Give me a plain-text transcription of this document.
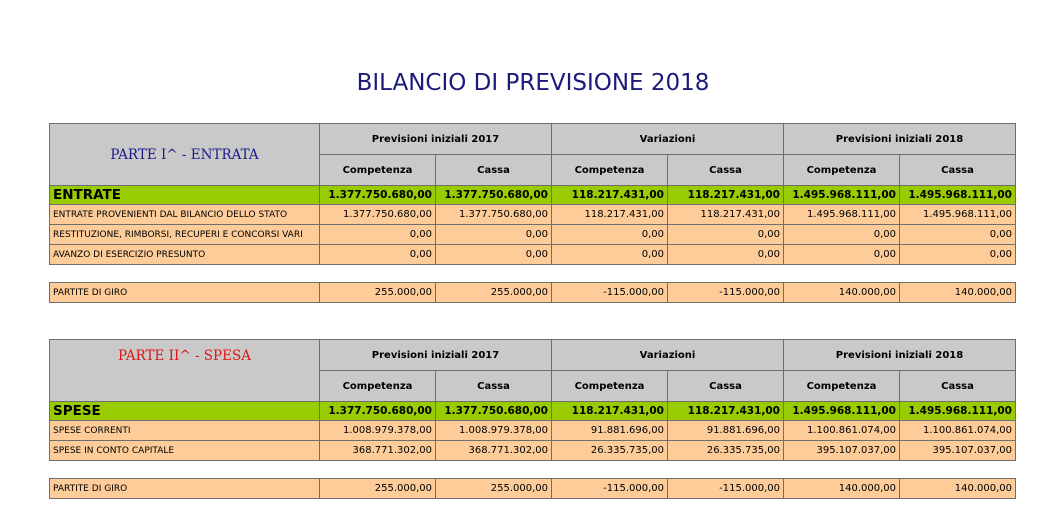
BILANCIO DI PREVISIONE 2018
PARTE I^ - ENTRATA	Previsioni iniziali 2017		Variazioni		Previsioni iniziali 2018	
	Competenza	Cassa	Competenza	Cassa	Competenza	Cassa
ENTRATE	1.377.750.680,00	1.377.750.680,00	118.217.431,00	118.217.431,00	1.495.968.111,00	1.495.968.111,00
ENTRATE PROVENIENTI DAL BILANCIO DELLO STATO	1.377.750.680,00	1.377.750.680,00	118.217.431,00	118.217.431,00	1.495.968.111,00	1.495.968.111,00
RESTITUZIONE, RIMBORSI, RECUPERI E CONCORSI VARI	0,00	0,00	0,00	0,00	0,00	0,00
AVANZO DI ESERCIZIO PRESUNTO	0,00	0,00	0,00	0,00	0,00	0,00

PARTITE DI GIRO	255.000,00	255.000,00	-115.000,00	-115.000,00	140.000,00	140.000,00
PARTE II^ - SPESA	Previsioni iniziali 2017		Variazioni		Previsioni iniziali 2018	
	Competenza	Cassa	Competenza	Cassa	Competenza	Cassa
SPESE	1.377.750.680,00	1.377.750.680,00	118.217.431,00	118.217.431,00	1.495.968.111,00	1.495.968.111,00
SPESE CORRENTI	1.008.979.378,00	1.008.979.378,00	91.881.696,00	91.881.696,00	1.100.861.074,00	1.100.861.074,00
SPESE IN CONTO CAPITALE	368.771.302,00	368.771.302,00	26.335.735,00	26.335.735,00	395.107.037,00	395.107.037,00

PARTITE DI GIRO	255.000,00	255.000,00	-115.000,00	-115.000,00	140.000,00	140.000,00
